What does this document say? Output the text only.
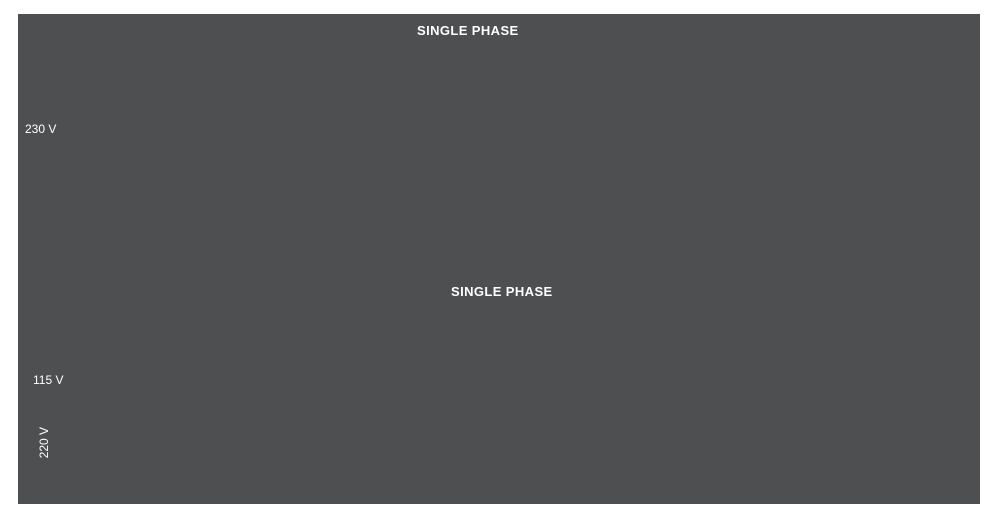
SINGLE PHASE
SINGLE PHASE
230 V
115 V
220 V
